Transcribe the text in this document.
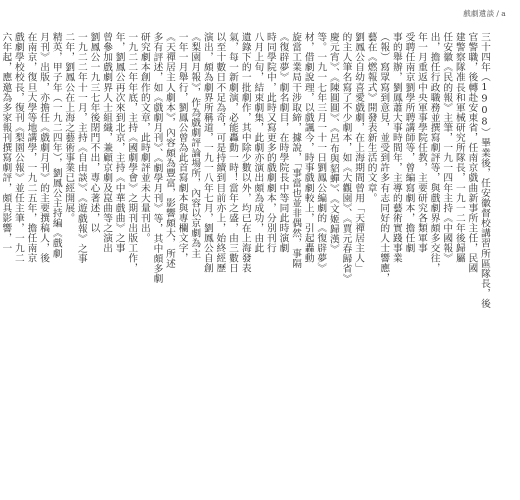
戲劇遺談 / a
三十四年（1908）畢業後，任安徽督校講習所區隊長，後
官警職，後轉赴安東省，任南京戲曲新事所主任，民國
建警察隊准長和軍械研究所隊長，一九一二年後歸屬
任安徽《民的報》主筆，一九一四年主持《中國報》
出，擔任行政職務並撰寫劇評等，與戲劇界頗多交往，
年一月重返中央軍事學院任教，主要研究各類軍事
受聘任南京劉學所聘講師等，曾編寫劇本，擔任劇
事的舉辦，劉鳳蕭大事時間年，主導的藝術實踐事業
（報）寫眾寫到意見，並受到許多有志同好的人士響應，
藝在《燃報式》開發表新生活的文章。
劉鳳公自幼喜愛戲劇，在上海期間曾用「天禪居主人」
的主人筆名寫了不少劇本，如《大觀園》、《賈元春歸省》
慶元宵》、《陳圓圓》、《呂布與貂蟬》、《文姬歸漢》
等。一九一七年三月一十一日劉鳳公編劇的《復辟夢》
材，借劇說理，以戲諷今，時事戲劇較上，引起轟動
旋當工業局干涉取締，據說，「事當也並非偶然，事隔
《復辟夢》劇名劇目，在時學院長中等同此時演劇
時同學院中，此時又寫更多的戲劇劇本，分別刊行
八月上旬，結束劇集，此劇亦演出頗為成功，由此
遺錄下的一批劇作，其中除少數以外，均已在上海發表
氣，每一新劇演，必能轟動一時！當年之盛，由三數日
以至十數日不足為奇，可是持續到目前亦上，始終經歷
演出，頗為劇界所稱道，一九一八年七月，劉鳳公自創
《梨園月報》，作為戲劇評論場所，內容以京劇為主
一年一月舉行，劉鳳公曾為此首寫劇本與專欄文字，
《天禪居主人劇本》，內容頗為豐富，影響頗大，所述
多有評述，如《戲劇月刊》、《劇學月刊》等，其中頗多劇
研究劇本創作的文章，此時劇評並未大量刊出。
一九二二年年底，主持《國劇學會》之期刊出版工作，
年，劉鳳公再次來到北京，主持《中華戲曲》之事
曾參加戲劇界人士組織，兼顧京劇及崑曲等之演出
劉鳳公一九三七年後閉門不出，專心著述，以
一九二二年十一月，主持《自由談》、《遊戲報》之事
二年，劉鳳公在上海之藝術事業已經開展。
精英，甲子年（一九二四年），劉鳳公主持編《戲劇
月刊》出版，亦擔任《戲劇月刊》的主要撰稿人，後
在南京，復旦大學等地講學，一九二五年，擔任南京
戲劇學校校長，復刊《梨園公報》並任主筆，一九二
六年起，應邀為多家報刊撰寫劇評，頗具影響，一
